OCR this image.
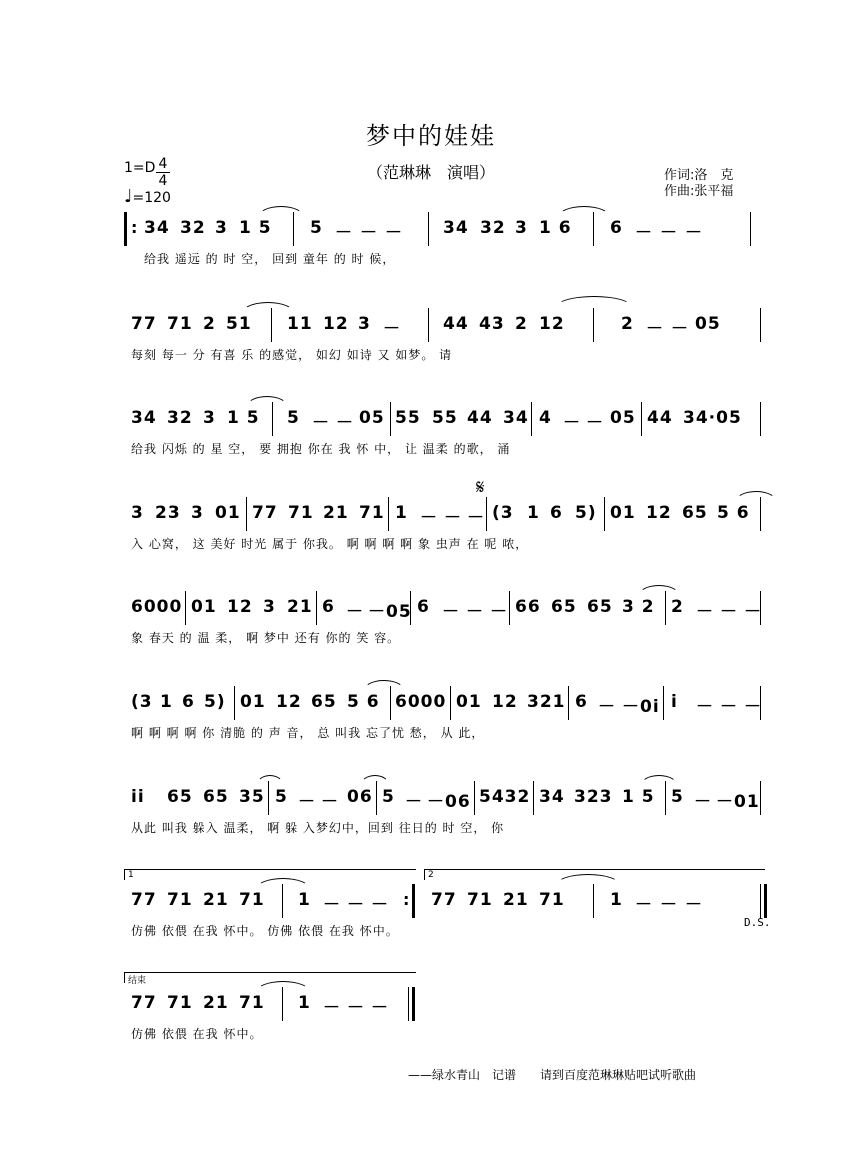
梦中的娃娃
（范琳琳　演唱）
1=D 4
4
♩=120
作词:洛　克
作曲:张平福
: 34 32 3 1 5 5 － － － 34 32 3 1 6 6 － － －
给我 遥远 的 时 空， 回到 童年 的 时 候，
77 71 2 51 11 12 3 － 44 43 2 12	2 － － 05
每刻 每一 分 有喜 乐 的感觉， 如幻 如诗 又 如梦。 请
34 32 3 1 5 5 － － 05 55 55 44 34 4 － － 05 44 34·05
给我 闪烁 的 星 空， 要 拥抱 你在 我 怀 中， 让 温柔 的歌， 涌
3 23 3 01 77 71 21 71 1 － － －
𝄋
(3 1 6 5) 01 12 65 5 6
入 心窝， 这 美好 时光 属于 你我。 啊 啊 啊 啊 象 虫声 在 呢 哝，
6000 01 12 3 21 6 － －05 6 － － － 66 65 65 3 2 2 － － －
象 春天 的 温 柔， 啊 梦中 还有 你的 笑 容。
(3 1 6 5) 01 12 65 5 6 6000 01 12 321 6 － －0i i － － －
啊 啊 啊 啊 你 清脆 的 声 音， 总 叫我 忘了忧 愁， 从 此，
ii 65 65 35 5 － － 06 5 － －06 5432 34 323 1 5 5 － －01
从此 叫我 躲入 温柔， 啊 躲 入梦幻中，回到 往日的 时 空， 你
1	2
77 71 21 71 1 － － － : 77 71 21 71	1 － － －
D.S.
仿佛 依偎 在我 怀中。 仿佛 依偎 在我 怀中。
结束
77 71 21 71 1 － － －
仿佛 依偎 在我 怀中。
——绿水青山　记谱　　请到百度范琳琳贴吧试听歌曲
